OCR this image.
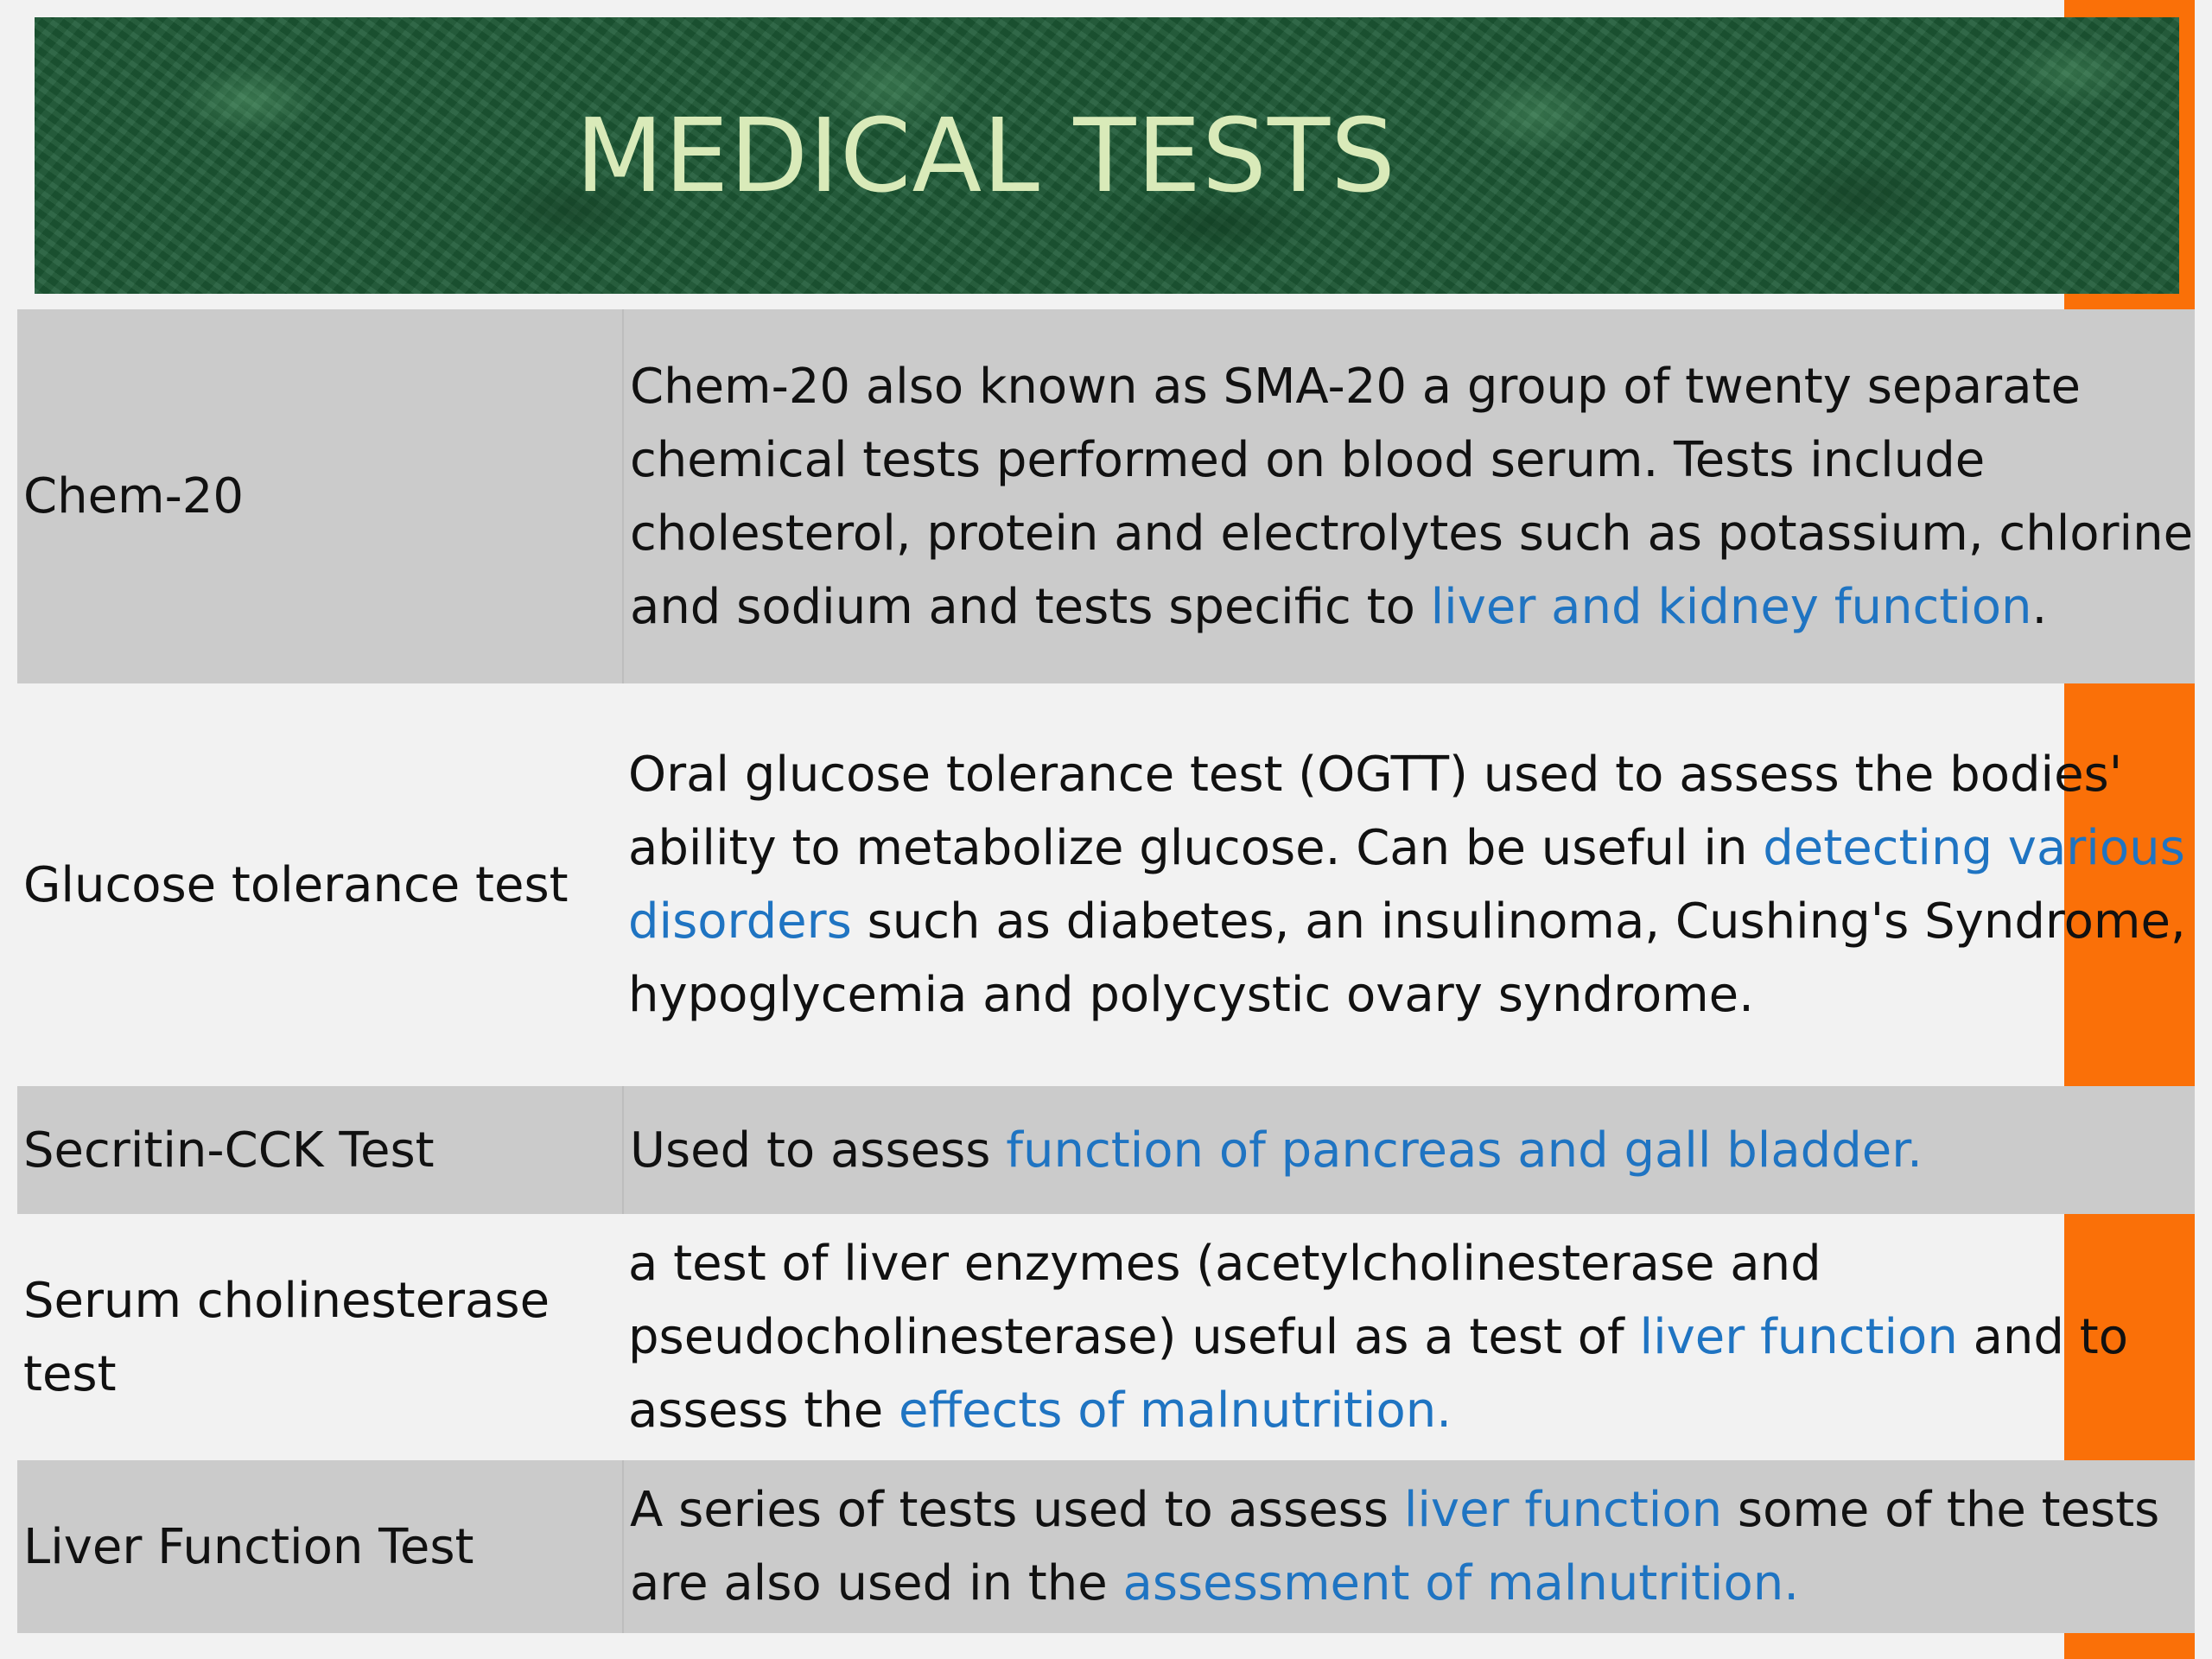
MEDICAL TESTS
Chem-20	Chem-20 also known as SMA-20 a group of twenty separate chemical tests performed on blood serum. Tests include cholesterol, protein and electrolytes such as potassium, chlorine and sodium and tests specific to liver and kidney function.
Glucose tolerance test	Oral glucose tolerance test (OGTT) used to assess the bodies' ability to metabolize glucose. Can be useful in detecting various disorders such as diabetes, an insulinoma, Cushing's Syndrome, hypoglycemia and polycystic ovary syndrome.
Secritin-CCK Test	Used to assess function of pancreas and gall bladder.
Serum cholinesterase test	a test of liver enzymes (acetylcholinesterase and pseudocholinesterase) useful as a test of liver function and to assess the effects of malnutrition.
Liver Function Test	A series of tests used to assess liver function some of the tests are also used in the assessment of malnutrition.
